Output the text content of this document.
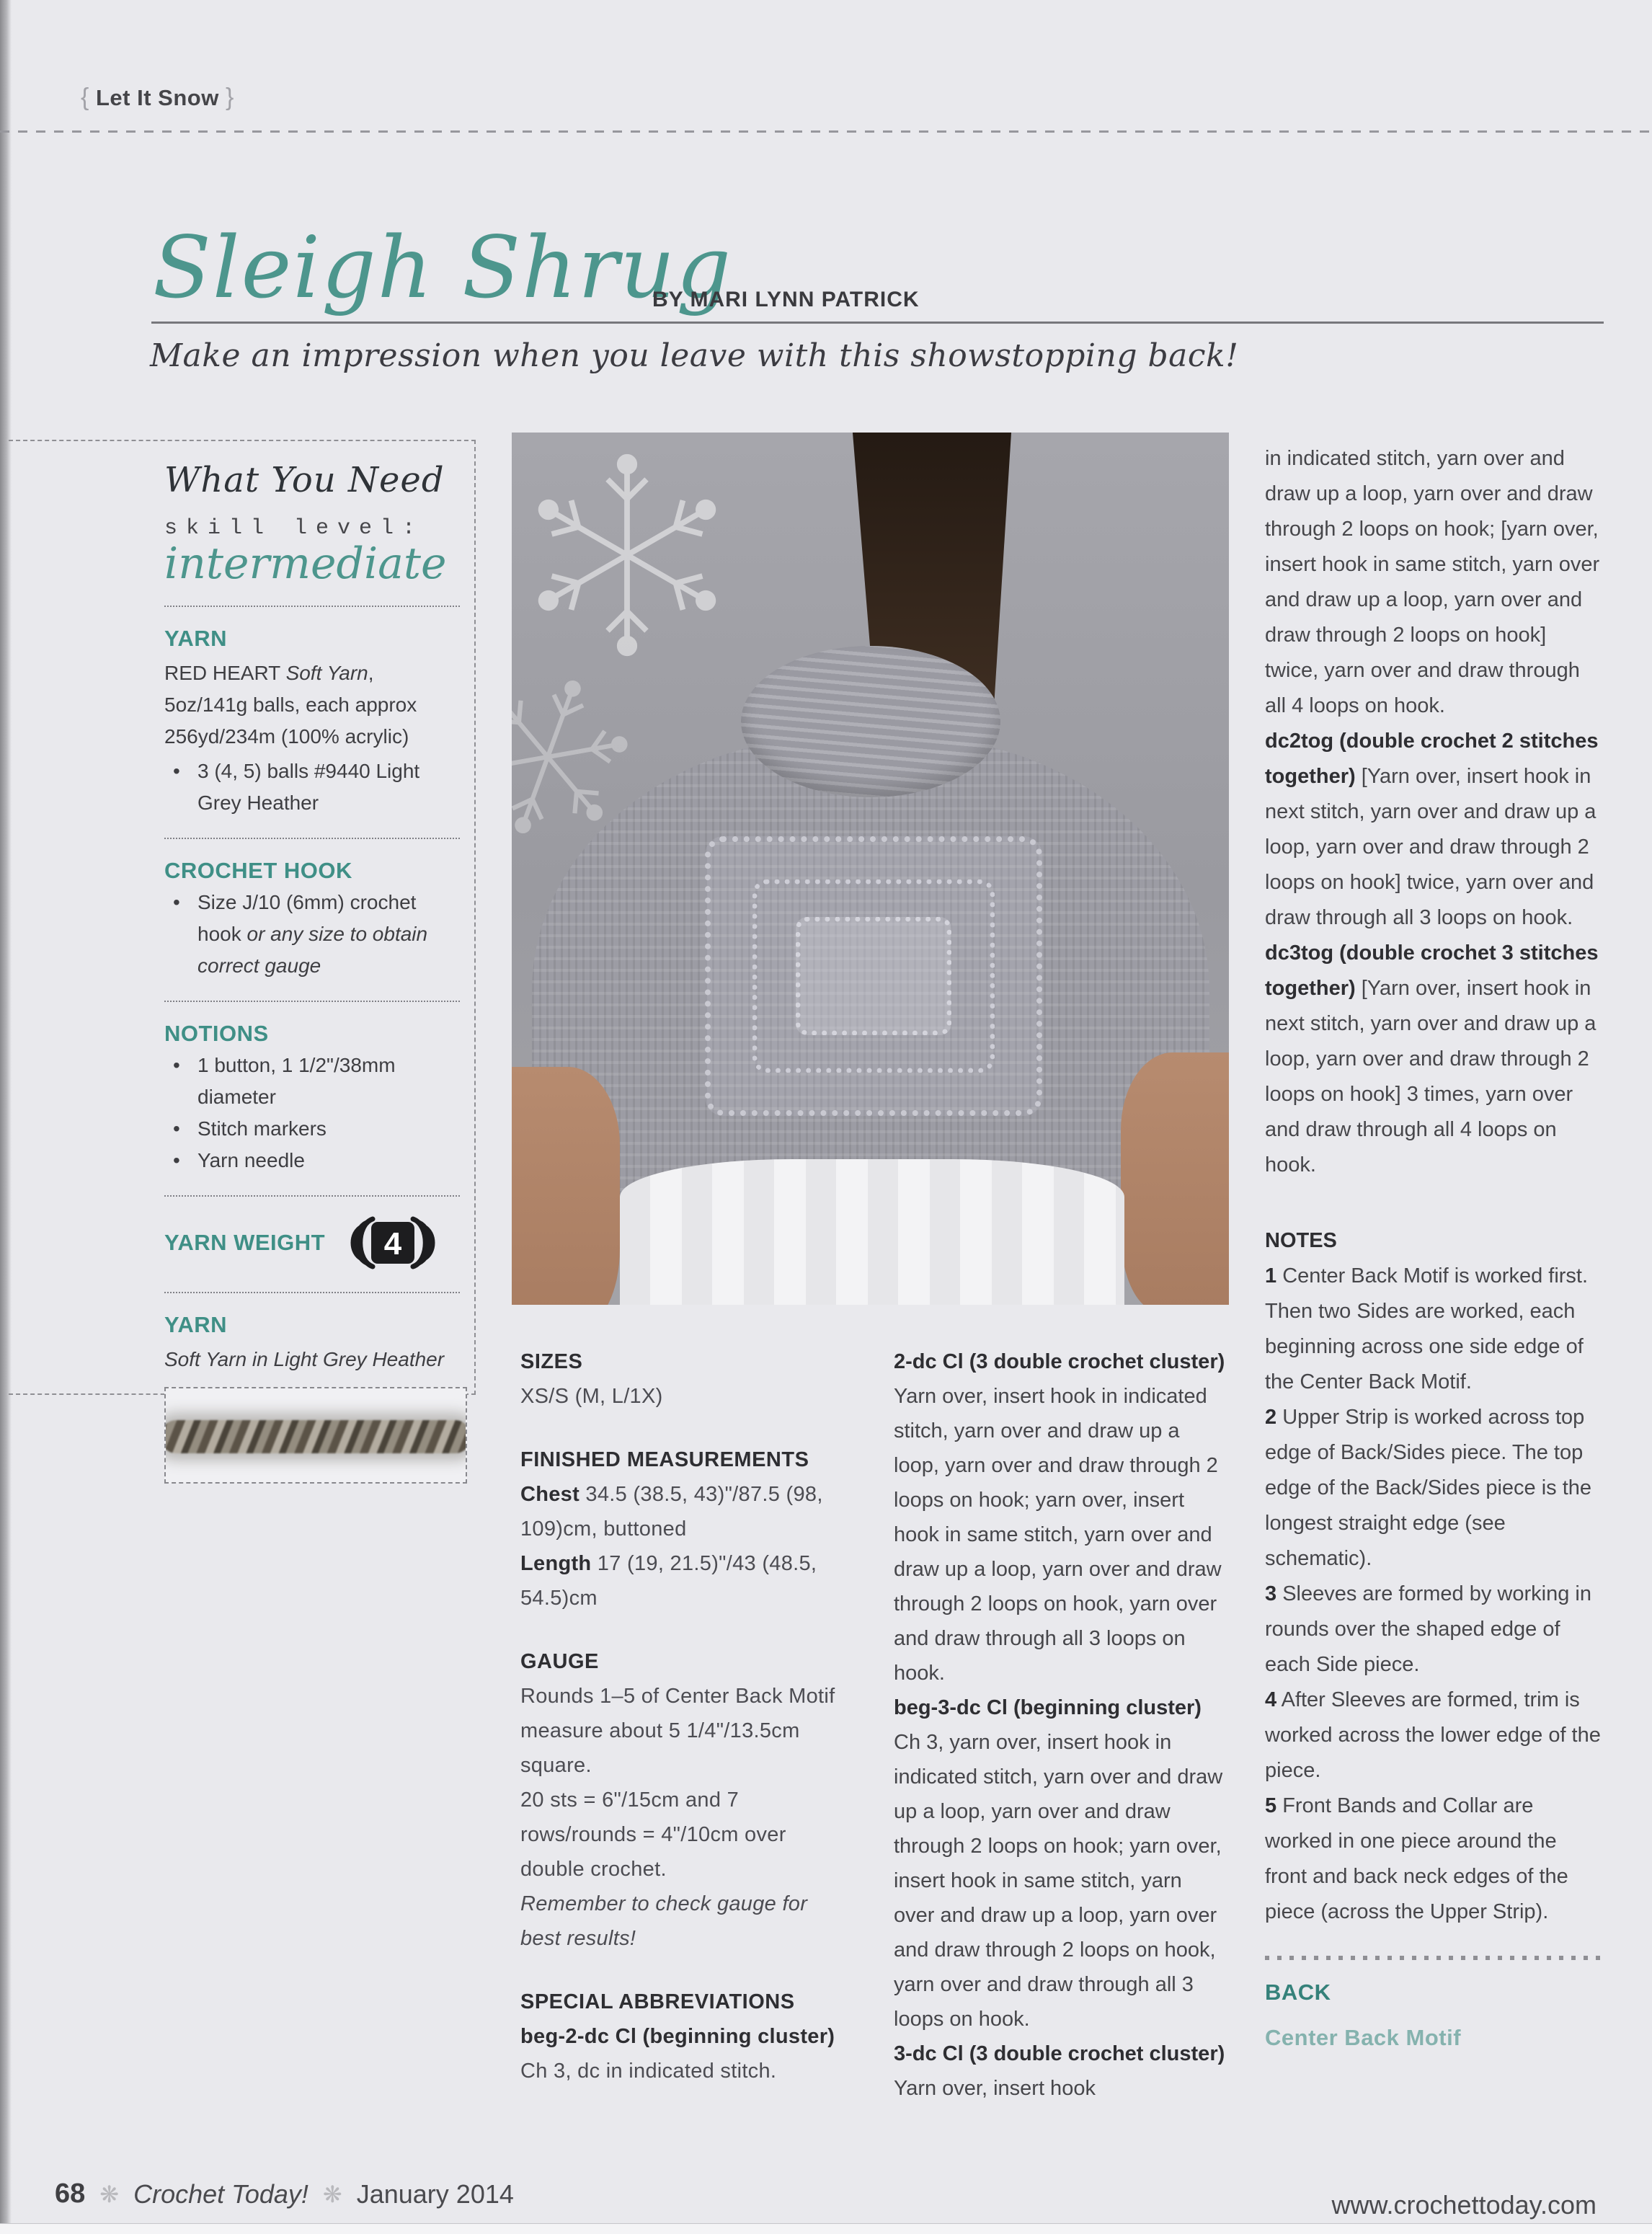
{ Let It Snow }
Sleigh Shrug
BY MARI LYNN PATRICK
Make an impression when you leave with this showstopping back!
What You Need
skill level:
intermediate
YARN
RED HEART Soft Yarn, 5oz/141g balls, each approx 256yd/234m (100% acrylic)
• 3 (4, 5) balls #9440 Light Grey Heather
CROCHET HOOK
• Size J/10 (6mm) crochet hook or any size to obtain correct gauge
NOTIONS
• 1 button, 1 1/2"/38mm diameter
• Stitch markers
• Yarn needle
YARN WEIGHT 4
YARN
Soft Yarn in Light Grey Heather	SIZES

XS/S (M, L/1X)

FINISHED MEASUREMENTS

Chest 34.5 (38.5, 43)"/87.5 (98, 109)cm, buttoned

Length 17 (19, 21.5)"/43 (48.5, 54.5)cm

GAUGE

Rounds 1–5 of Center Back Motif measure about 5 1/4"/13.5cm square.

20 sts = 6"/15cm and 7 rows/rounds = 4"/10cm over double crochet.

Remember to check gauge for best results!

SPECIAL ABBREVIATIONS

beg-2-dc Cl (beginning cluster) Ch 3, dc in indicated stitch.

2-dc Cl (3 double crochet cluster) Yarn over, insert hook in indicated stitch, yarn over and draw up a loop, yarn over and draw through 2 loops on hook; yarn over, insert hook in same stitch, yarn over and draw up a loop, yarn over and draw through 2 loops on hook, yarn over and draw through all 3 loops on hook.

beg-3-dc Cl (beginning cluster) Ch 3, yarn over, insert hook in indicated stitch, yarn over and draw up a loop, yarn over and draw through 2 loops on hook; yarn over, insert hook in same stitch, yarn over and draw up a loop, yarn over and draw through 2 loops on hook, yarn over and draw through all 3 loops on hook.

3-dc Cl (3 double crochet cluster) Yarn over, insert hook

in indicated stitch, yarn over and draw up a loop, yarn over and draw through 2 loops on hook; [yarn over, insert hook in same stitch, yarn over and draw up a loop, yarn over and draw through 2 loops on hook] twice, yarn over and draw through all 4 loops on hook.

dc2tog (double crochet 2 stitches together) [Yarn over, insert hook in next stitch, yarn over and draw up a loop, yarn over and draw through 2 loops on hook] twice, yarn over and draw through all 3 loops on hook.

dc3tog (double crochet 3 stitches together) [Yarn over, insert hook in next stitch, yarn over and draw up a loop, yarn over and draw through 2 loops on hook] 3 times, yarn over and draw through all 4 loops on hook.

NOTES

1 Center Back Motif is worked first. Then two Sides are worked, each beginning across one side edge of the Center Back Motif.

2 Upper Strip is worked across top edge of Back/Sides piece. The top edge of the Back/Sides piece is the longest straight edge (see schematic).

3 Sleeves are formed by working in rounds over the shaped edge of each Side piece.

4 After Sleeves are formed, trim is worked across the lower edge of the piece.

5 Front Bands and Collar are worked in one piece around the front and back neck edges of the piece (across the Upper Strip).

BACK
Center Back Motif
68 ❋ Crochet Today! ❋ January 2014	www.crochettoday.com
